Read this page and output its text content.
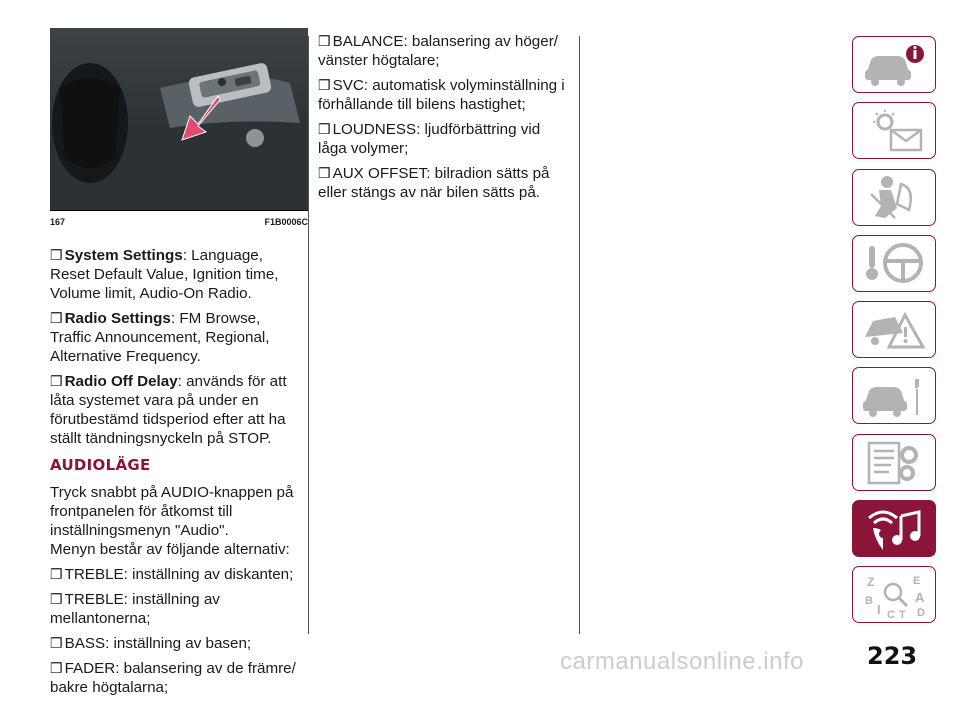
167	F1B0006C

❒ System Settings: Language, Reset Default Value, Ignition time, Volume limit, Audio-On Radio.

❒ Radio Settings: FM Browse, Traffic Announcement, Regional, Alternative Frequency.

❒ Radio Off Delay: används för att låta systemet vara på under en förutbestämd tidsperiod efter att ha ställt tändningsnyckeln på STOP.

AUDIOLÄGE
Tryck snabbt på AUDIO-knappen på frontpanelen för åtkomst till inställningsmenyn "Audio".
Menyn består av följande alternativ:

❒ TREBLE: inställning av diskanten;

❒ TREBLE: inställning av mellantonerna;

❒ BASS: inställning av basen;

❒ FADER: balansering av de främre/ bakre högtalarna;

❒ BALANCE: balansering av höger/ vänster högtalare;

❒ SVC: automatisk volyminställning i förhållande till bilens hastighet;

❒ LOUDNESS: ljudförbättring vid låga volymer;

❒ AUX OFFSET: bilradion sätts på eller stängs av när bilen sätts på.

Z	E
B	A
I C D
T
carmanualsonline.info	223
